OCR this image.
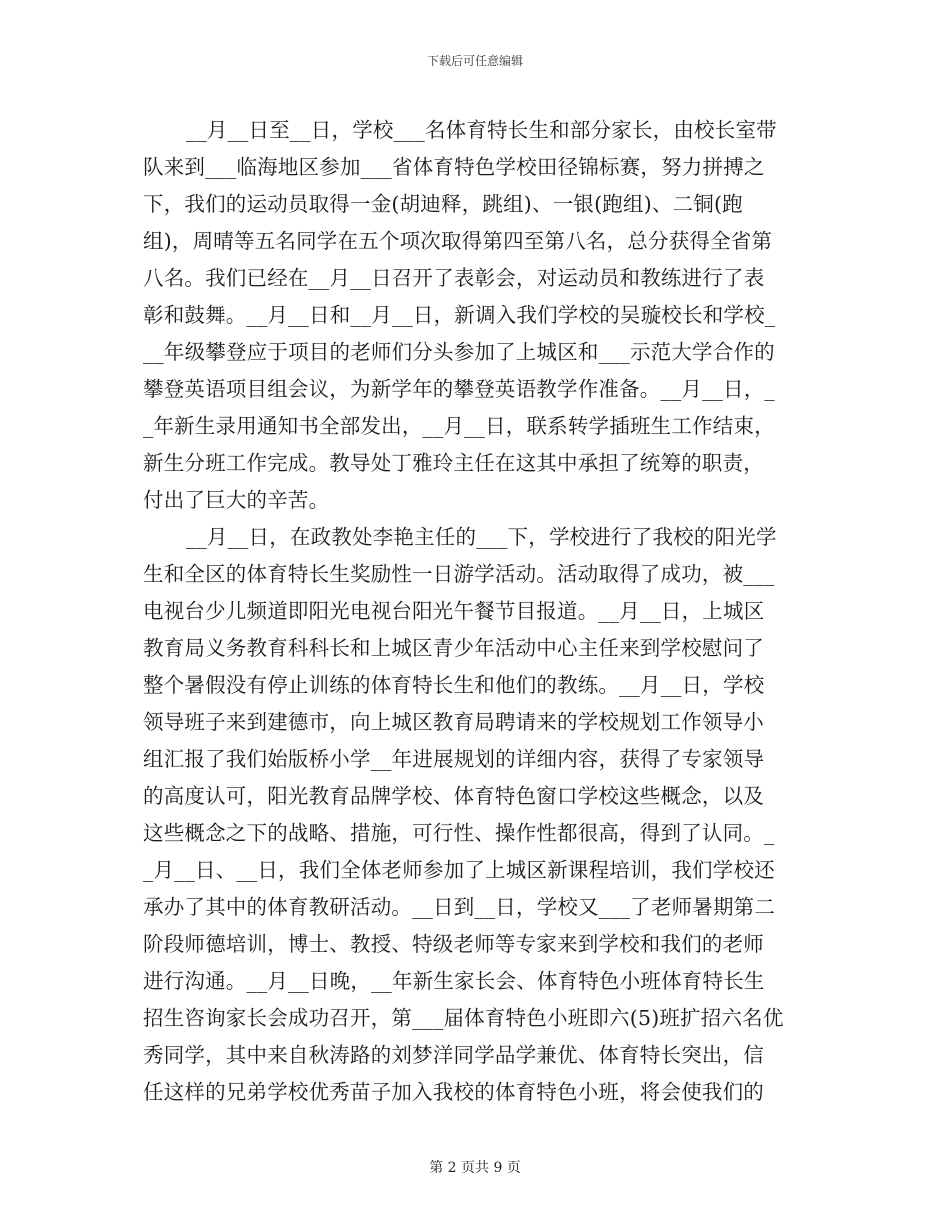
下载后可任意编辑
__月__日至__日，学校___名体育特长生和部分家长，由校长室带
队来到___临海地区参加___省体育特色学校田径锦标赛，努力拼搏之
下，我们的运动员取得一金(胡迪释，跳组)、一银(跑组)、二铜(跑
组)，周晴等五名同学在五个项次取得第四至第八名，总分获得全省第
八名。我们已经在__月__日召开了表彰会，对运动员和教练进行了表
彰和鼓舞。__月__日和__月__日，新调入我们学校的吴璇校长和学校_
__年级攀登应于项目的老师们分头参加了上城区和___示范大学合作的
攀登英语项目组会议，为新学年的攀登英语教学作准备。__月__日，_
_年新生录用通知书全部发出，__月__日，联系转学插班生工作结束，
新生分班工作完成。教导处丁雅玲主任在这其中承担了统筹的职责，
付出了巨大的辛苦。
__月__日，在政教处李艳主任的___下，学校进行了我校的阳光学
生和全区的体育特长生奖励性一日游学活动。活动取得了成功，被___
电视台少儿频道即阳光电视台阳光午餐节目报道。__月__日，上城区
教育局义务教育科科长和上城区青少年活动中心主任来到学校慰问了
整个暑假没有停止训练的体育特长生和他们的教练。__月__日，学校
领导班子来到建德市，向上城区教育局聘请来的学校规划工作领导小
组汇报了我们始版桥小学__年进展规划的详细内容，获得了专家领导
的高度认可，阳光教育品牌学校、体育特色窗口学校这些概念，以及
这些概念之下的战略、措施，可行性、操作性都很高，得到了认同。_
_月__日、__日，我们全体老师参加了上城区新课程培训，我们学校还
承办了其中的体育教研活动。__日到__日，学校又___了老师暑期第二
阶段师德培训，博士、教授、特级老师等专家来到学校和我们的老师
进行沟通。__月__日晚，__年新生家长会、体育特色小班体育特长生
招生咨询家长会成功召开，第___届体育特色小班即六(5)班扩招六名优
秀同学，其中来自秋涛路的刘梦洋同学品学兼优、体育特长突出，信
任这样的兄弟学校优秀苗子加入我校的体育特色小班，将会使我们的
第 2 页共 9 页
